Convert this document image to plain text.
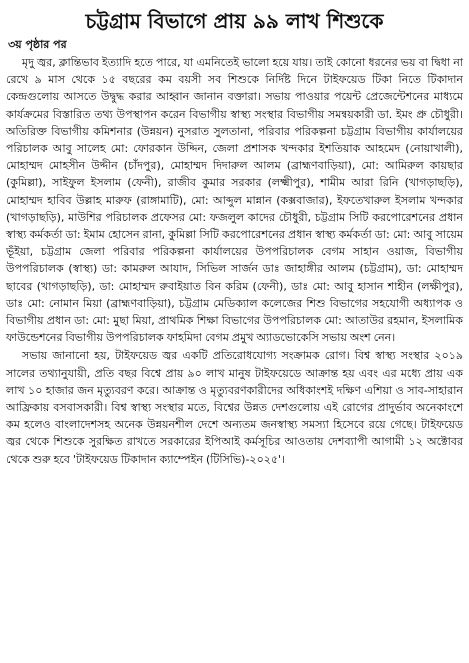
চট্টগ্রাম বিভাগে প্রায় ৯৯ লাখ শিশুকে
৩য় পৃষ্ঠার পর

মৃদু জ্বর, ক্লান্তিভাব ইত্যাদি হতে পারে, যা এমনিতেই ভালো হয়ে যায়। তাই কোনো ধরনের ভয় বা দ্বিধা না রেখে ৯ মাস থেকে ১৫ বছরের কম বয়সী সব শিশুকে নির্দিষ্ট দিনে টাইফয়েড টিকা নিতে টিকাদান কেন্দ্রগুলোয় আসতে উদ্বুদ্ধ করার আহ্বান জানান বক্তারা। সভায় পাওয়ার পয়েন্ট প্রেজেন্টেশনের মাধ্যমে কার্যক্রমের বিস্তারিত তথ্য উপস্থাপন করেন বিভাগীয় স্বাস্থ্য সংস্থার বিভাগীয় সমন্বয়কারী ডা. ইমং প্রু চৌধুরী। অতিরিক্ত বিভাগীয় কমিশনার (উন্নয়ন) নুসরাত সুলতানা, পরিবার পরিকল্পনা চট্টগ্রাম বিভাগীয় কার্যালয়ের পরিচালক আবু সালেহ মো: ফোরকান উদ্দিন, জেলা প্রশাসক খন্দকার ইশতিয়াক আহমেদ (নোয়াখালী), মোহাম্মদ মোহসীন উদ্দীন (চাঁদপুর), মোহাম্মদ দিদারুল আলম (ব্রাহ্মণবাড়িয়া), মো: আমিরুল কায়ছার (কুমিল্লা), সাইফুল ইসলাম (ফেনী), রাজীব কুমার সরকার (লক্ষ্মীপুর), শামীম আরা রিনি (খাগড়াছড়ি), মোহাম্মদ হাবিব উল্লাহ মারুফ (রাঙ্গামাটি), মো: আব্দুল মান্নান (কক্সবাজার), ইফতেখারুল ইসলাম খন্দকার (খাগড়াছড়ি), মাউশির পরিচালক প্রফেসর মো: ফজলুল কাদের চৌধুরী, চট্টগ্রাম সিটি করপোরেশনের প্রধান স্বাস্থ্য কর্মকর্তা ডা: ইমাম হোসেন রানা, কুমিল্লা সিটি করপোরেশনের প্রধান স্বাস্থ্য কর্মকর্তা ডা: মো: আবু সায়েম ভূঁইয়া, চট্টগ্রাম জেলা পরিবার পরিকল্পনা কার্যালয়ের উপপরিচালক বেগম সাহান ওয়াজ, বিভাগীয় উপপরিচালক (স্বাস্থ্য) ডা: কামরুল আযাদ, সিভিল সার্জন ডাঃ জাহাঙ্গীর আলম (চট্টগ্রাম), ডা: মোহাম্মদ ছাবের (খাগড়াছড়ি), ডা: মোহাম্মদ রুবাইয়াত বিন করিম (ফেনী), ডাঃ মো: আবু হাসান শাহীন (লক্ষীপুর), ডাঃ মো: নোমান মিয়া (ব্রাহ্মণবাড়িয়া), চট্টগ্রাম মেডিক্যাল কলেজের শিশু বিভাগের সহযোগী অধ্যাপক ও বিভাগীয় প্রধান ডা: মো: মুছা মিয়া, প্রাথমিক শিক্ষা বিভাগের উপপরিচালক মো: আতাউর রহমান, ইসলামিক ফাউন্ডেশনের বিভাগীয় উপপরিচালক ফাহমিদা বেগম প্রমুখ অ্যাডভোকেসি সভায় অংশ নেন।

সভায় জানানো হয়, টাইফয়েড জ্বর একটি প্রতিরোধযোগ্য সংক্রামক রোগ। বিশ্ব স্বাস্থ্য সংস্থার ২০১৯ সালের তথ্যানুযায়ী, প্রতি বছর বিশ্বে প্রায় ৯০ লাখ মানুষ টাইফয়েডে আক্রান্ত হয় এবং এর মধ্যে প্রায় এক লাখ ১০ হাজার জন মৃত্যুবরণ করে। আক্রান্ত ও মৃত্যুবরণকারীদের অধিকাংশই দক্ষিণ এশিয়া ও সাব-সাহারান আফ্রিকায় বসবাসকারী। বিশ্ব স্বাস্থ্য সংস্থার মতে, বিশ্বের উন্নত দেশগুলোয় এই রোগের প্রাদুর্ভাব অনেকাংশে কম হলেও বাংলাদেশসহ অনেক উন্নয়নশীল দেশে অন্যতম জনস্বাস্থ্য সমস্যা হিসেবে রয়ে গেছে। টাইফয়েড জ্বর থেকে শিশুকে সুরক্ষিত রাখতে সরকারের ইপিআই কর্মসূচির আওতায় দেশব্যাপী আগামী ১২ অক্টোবর থেকে শুরু হবে 'টাইফয়েড টিকাদান ক্যাম্পেইন (টিসিভি)-২০২৫'।
